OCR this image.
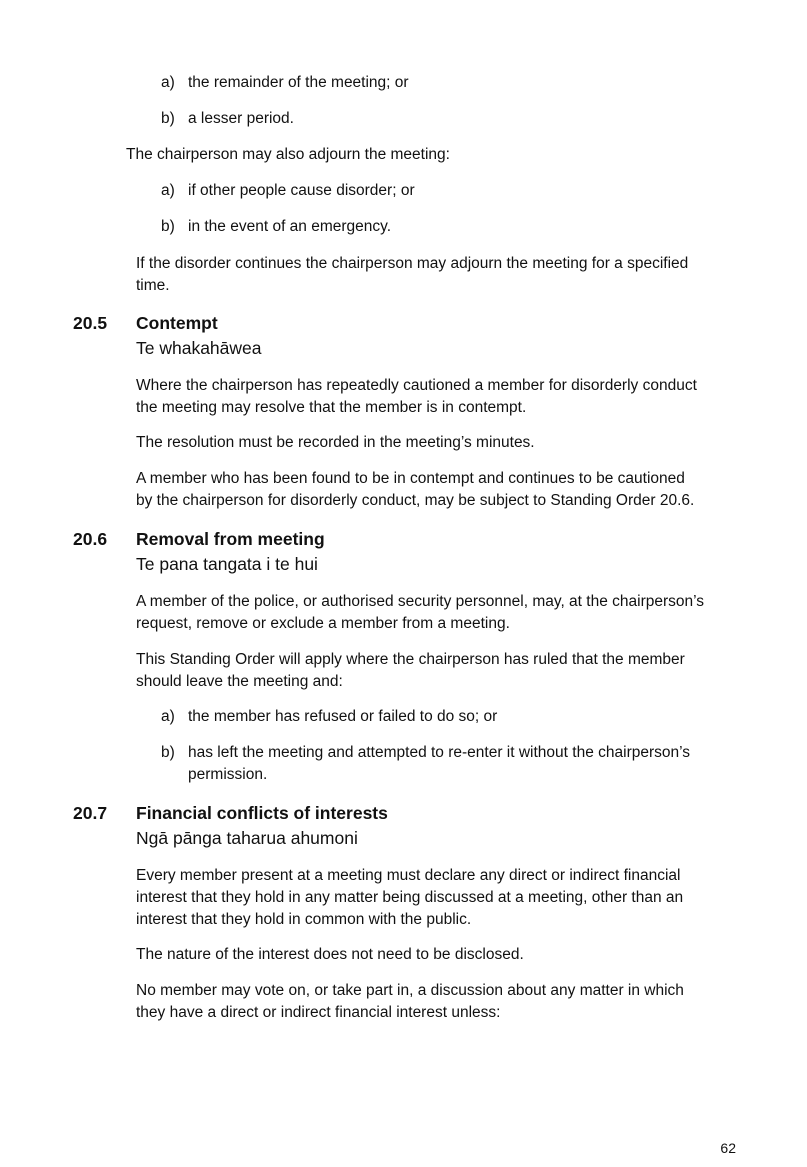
a) the remainder of the meeting; or
b) a lesser period.
The chairperson may also adjourn the meeting:
a) if other people cause disorder; or
b) in the event of an emergency.
If the disorder continues the chairperson may adjourn the meeting for a specified
time.
20.5 Contempt
Te whakahāwea
Where the chairperson has repeatedly cautioned a member for disorderly conduct
the meeting may resolve that the member is in contempt.
The resolution must be recorded in the meeting’s minutes.
A member who has been found to be in contempt and continues to be cautioned
by the chairperson for disorderly conduct, may be subject to Standing Order 20.6.
20.6 Removal from meeting
Te pana tangata i te hui
A member of the police, or authorised security personnel, may, at the chairperson’s
request, remove or exclude a member from a meeting.
This Standing Order will apply where the chairperson has ruled that the member
should leave the meeting and:
a) the member has refused or failed to do so; or
b) has left the meeting and attempted to re-enter it without the chairperson’s
permission.
20.7 Financial conflicts of interests
Ngā pānga taharua ahumoni
Every member present at a meeting must declare any direct or indirect financial
interest that they hold in any matter being discussed at a meeting, other than an
interest that they hold in common with the public.
The nature of the interest does not need to be disclosed.
No member may vote on, or take part in, a discussion about any matter in which
they have a direct or indirect financial interest unless:
62
